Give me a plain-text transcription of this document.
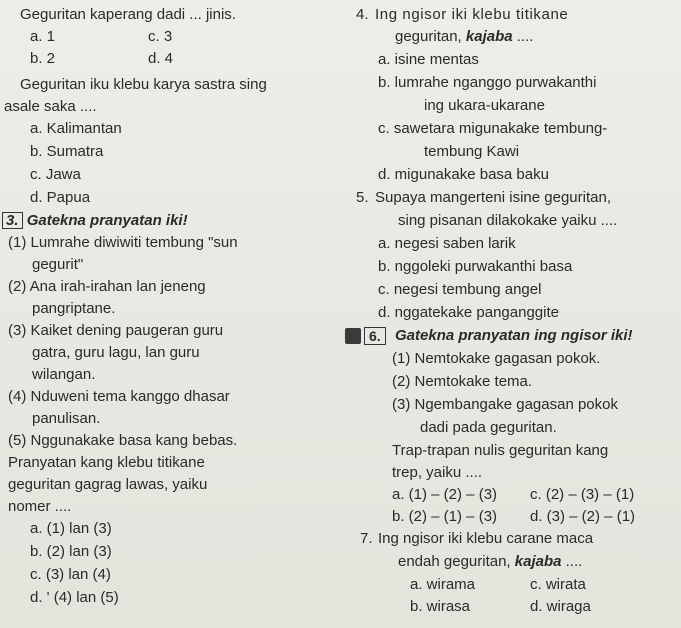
Geguritan kaperang dadi ... jinis.
a. 1	c. 3
b. 2	d. 4
Geguritan iku klebu karya sastra sing
asale saka ....
a. Kalimantan
b. Sumatra
c. Jawa
d. Papua
3. Gatekna pranyatan iki!
(1) Lumrahe diwiwiti tembung "sun
gegurit"
(2) Ana irah-irahan lan jeneng
pangriptane.
(3) Kaiket dening paugeran guru
gatra, guru lagu, lan guru
wilangan.
(4) Nduweni tema kanggo dhasar
panulisan.
(5) Nggunakake basa kang bebas.
Pranyatan kang klebu titikane
geguritan gagrag lawas, yaiku
nomer ....
a. (1) lan (3)
b. (2) lan (3)
c. (3) lan (4)
d. ' (4) lan (5)
4. Ing ngisor iki klebu titikane
geguritan, kajaba ....
a. isine mentas
b. lumrahe nganggo purwakanthi
ing ukara-ukarane
c. sawetara migunakake tembung-
tembung Kawi
d. migunakake basa baku
5. Supaya mangerteni isine geguritan,
sing pisanan dilakokake yaiku ....
a. negesi saben larik
b. nggoleki purwakanthi basa
c. negesi tembung angel
d. nggatekake panganggite
6. Gatekna pranyatan ing ngisor iki!
(1) Nemtokake gagasan pokok.
(2) Nemtokake tema.
(3) Ngembangake gagasan pokok
dadi pada geguritan.
Trap-trapan nulis geguritan kang
trep, yaiku ....
a. (1) – (2) – (3) c. (2) – (3) – (1)
b. (2) – (1) – (3) d. (3) – (2) – (1)
7. Ing ngisor iki klebu carane maca
endah geguritan, kajaba ....
a. wirama	c. wirata
b. wirasa	d. wiraga
